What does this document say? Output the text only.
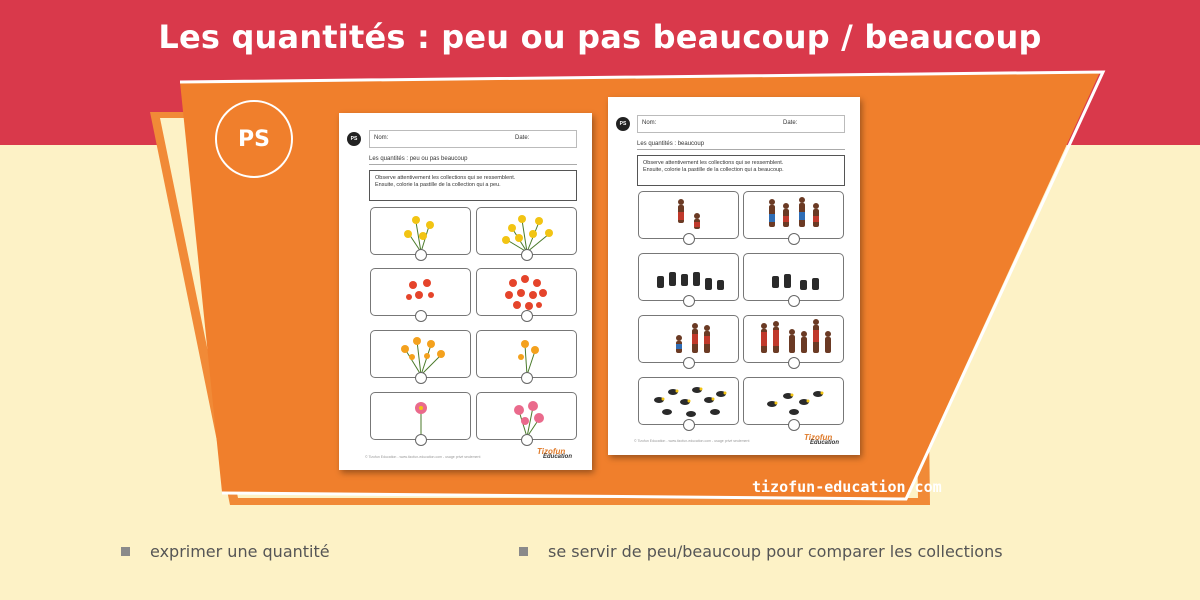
Les quantités : peu ou pas beaucoup / beaucoup
PS	PS	Nom:	Date:
Les quantités : peu ou pas beaucoup
Observe attentivement les collections qui se ressemblent.
Ensuite, colorie la pastille de la collection qui a peu.
© Tizofun Education - www.tizofun-education.com - usage privé seulement
Tizofun
Education
PS	Nom:	Date:
Les quantités : beaucoup
Observe attentivement les collections qui se ressemblent.
Ensuite, colorie la pastille de la collection qui a beaucoup.
© Tizofun Education - www.tizofun-education.com - usage privé seulement	Tizofun
Education
tizofun-education.com
exprimer une quantité	se servir de peu/beaucoup pour comparer les collections
